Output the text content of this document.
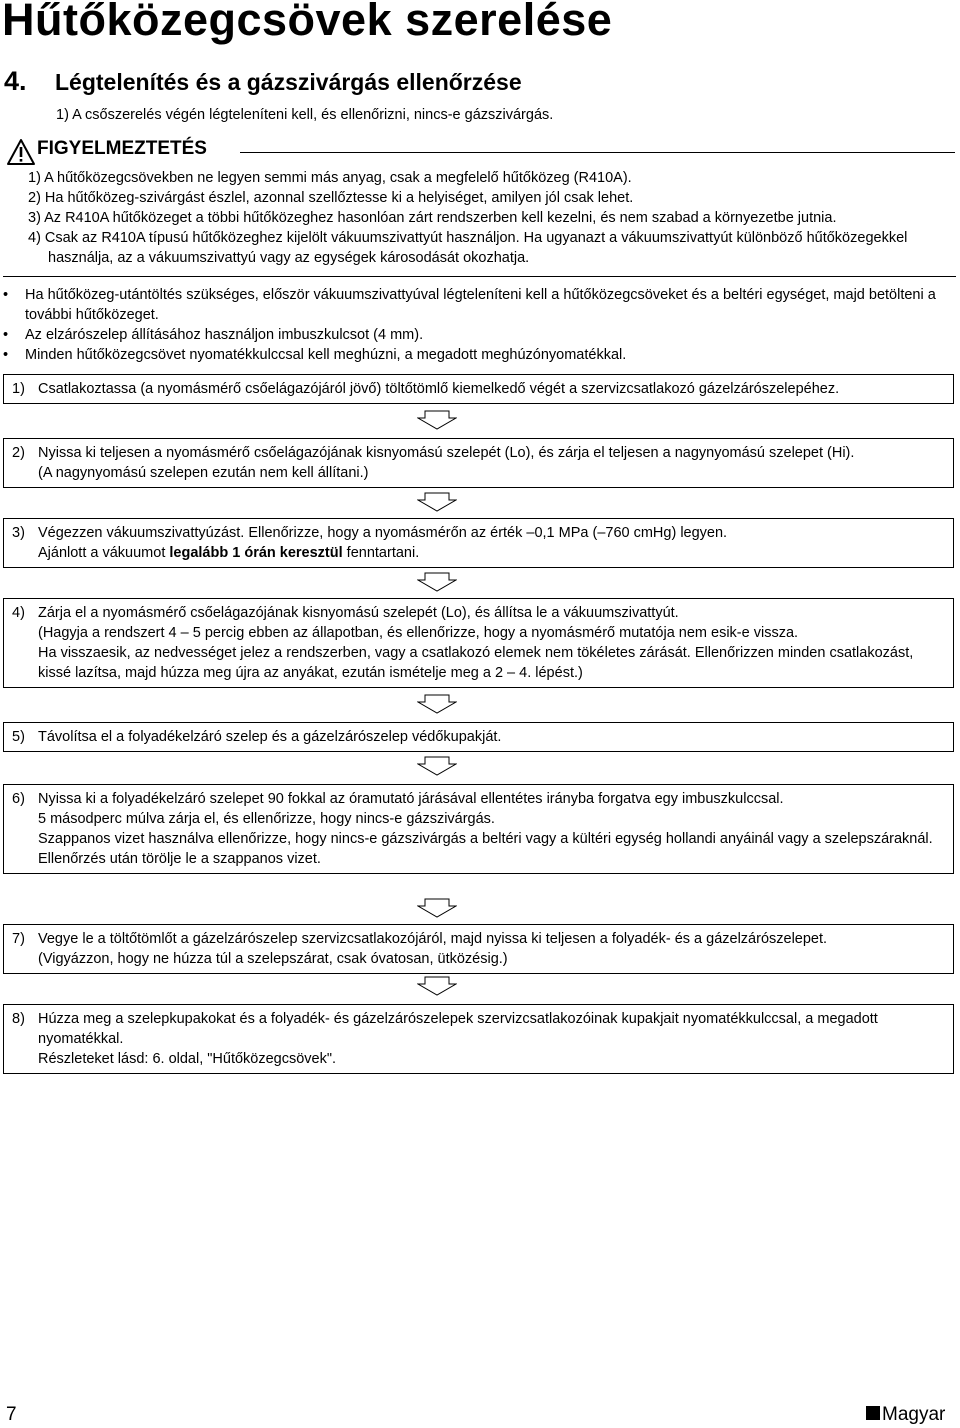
Hűtőközegcsövek szerelése
4. Légtelenítés és a gázszivárgás ellenőrzése
1) A csőszerelés végén légteleníteni kell, és ellenőrizni, nincs-e gázszivárgás.
FIGYELMEZTETÉS
1) A hűtőközegcsövekben ne legyen semmi más anyag, csak a megfelelő hűtőközeg (R410A).
2) Ha hűtőközeg-szivárgást észlel, azonnal szellőztesse ki a helyiséget, amilyen jól csak lehet.
3) Az R410A hűtőközeget a többi hűtőközeghez hasonlóan zárt rendszerben kell kezelni, és nem szabad a környezetbe jutnia.
4) Csak az R410A típusú hűtőközeghez kijelölt vákuumszivattyút használjon. Ha ugyanazt a vákuumszivattyút különböző hűtőközegekkel használja, az a vákuumszivattyú vagy az egységek károsodását okozhatja.
• Ha hűtőközeg-utántöltés szükséges, először vákuumszivattyúval légteleníteni kell a hűtőközegcsöveket és a beltéri egységet, majd betölteni a további hűtőközeget.
• Az elzárószelep állításához használjon imbuszkulcsot (4 mm).
• Minden hűtőközegcsövet nyomatékkulccsal kell meghúzni, a megadott meghúzónyomatékkal.
1) Csatlakoztassa (a nyomásmérő csőelágazójáról jövő) töltőtömlő kiemelkedő végét a szervizcsatlakozó gázelzárószelepéhez.
2) Nyissa ki teljesen a nyomásmérő csőelágazójának kisnyomású szelepét (Lo), és zárja el teljesen a nagynyomású szelepet (Hi).
(A nagynyomású szelepen ezután nem kell állítani.)
3) Végezzen vákuumszivattyúzást. Ellenőrizze, hogy a nyomásmérőn az érték –0,1 MPa (–760 cmHg) legyen.
Ajánlott a vákuumot legalább 1 órán keresztül fenntartani.
4) Zárja el a nyomásmérő csőelágazójának kisnyomású szelepét (Lo), és állítsa le a vákuumszivattyút.
(Hagyja a rendszert 4 – 5 percig ebben az állapotban, és ellenőrizze, hogy a nyomásmérő mutatója nem esik-e vissza.
Ha visszaesik, az nedvességet jelez a rendszerben, vagy a csatlakozó elemek nem tökéletes zárását. Ellenőrizzen minden csatlakozást, kissé lazítsa, majd húzza meg újra az anyákat, ezután ismételje meg a 2 – 4. lépést.)
5) Távolítsa el a folyadékelzáró szelep és a gázelzárószelep védőkupakját.
6) Nyissa ki a folyadékelzáró szelepet 90 fokkal az óramutató járásával ellentétes irányba forgatva egy imbuszkulccsal.
5 másodperc múlva zárja el, és ellenőrizze, hogy nincs-e gázszivárgás.
Szappanos vizet használva ellenőrizze, hogy nincs-e gázszivárgás a beltéri vagy a kültéri egység hollandi anyáinál vagy a szelepszáraknál.
Ellenőrzés után törölje le a szappanos vizet.
7) Vegye le a töltőtömlőt a gázelzárószelep szervizcsatlakozójáról, majd nyissa ki teljesen a folyadék- és a gázelzárószelepet.
(Vigyázzon, hogy ne húzza túl a szelepszárat, csak óvatosan, ütközésig.)
8) Húzza meg a szelepkupakokat és a folyadék- és gázelzárószelepek szervizcsatlakozóinak kupakjait nyomatékkulccsal, a megadott nyomatékkal.
Részleteket lásd: 6. oldal, "Hűtőközegcsövek".
7	Magyar
